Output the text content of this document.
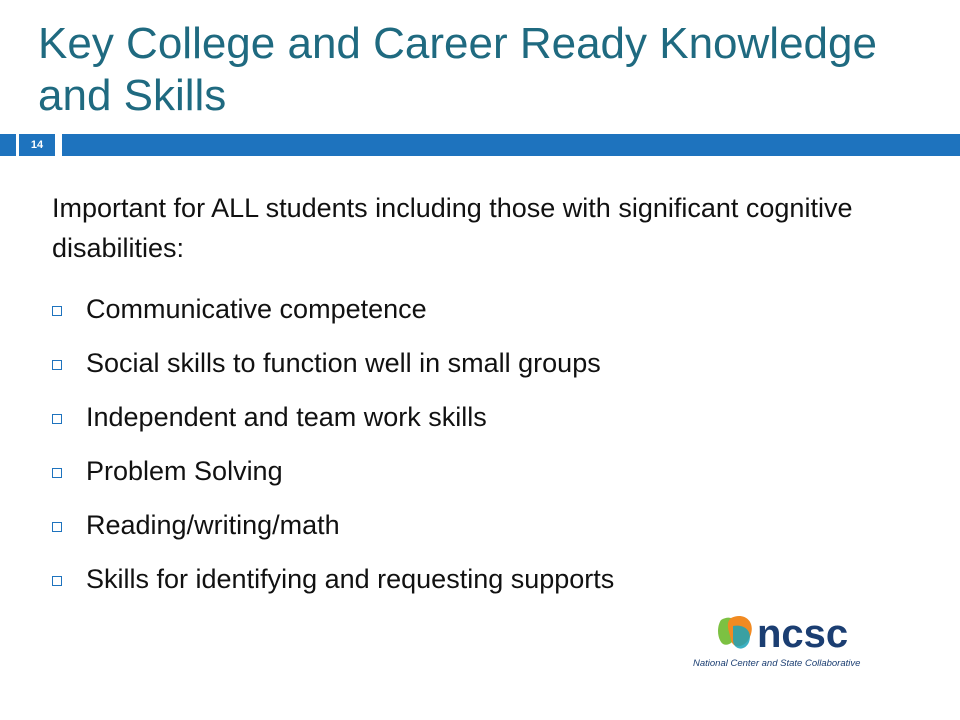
Key College and Career Ready Knowledge and Skills
14
Important for ALL students including those with significant cognitive disabilities:
Communicative competence
Social skills to function well in small groups
Independent and team work skills
Problem Solving
Reading/writing/math
Skills for identifying and requesting supports
ncsc
National Center and State Collaborative
